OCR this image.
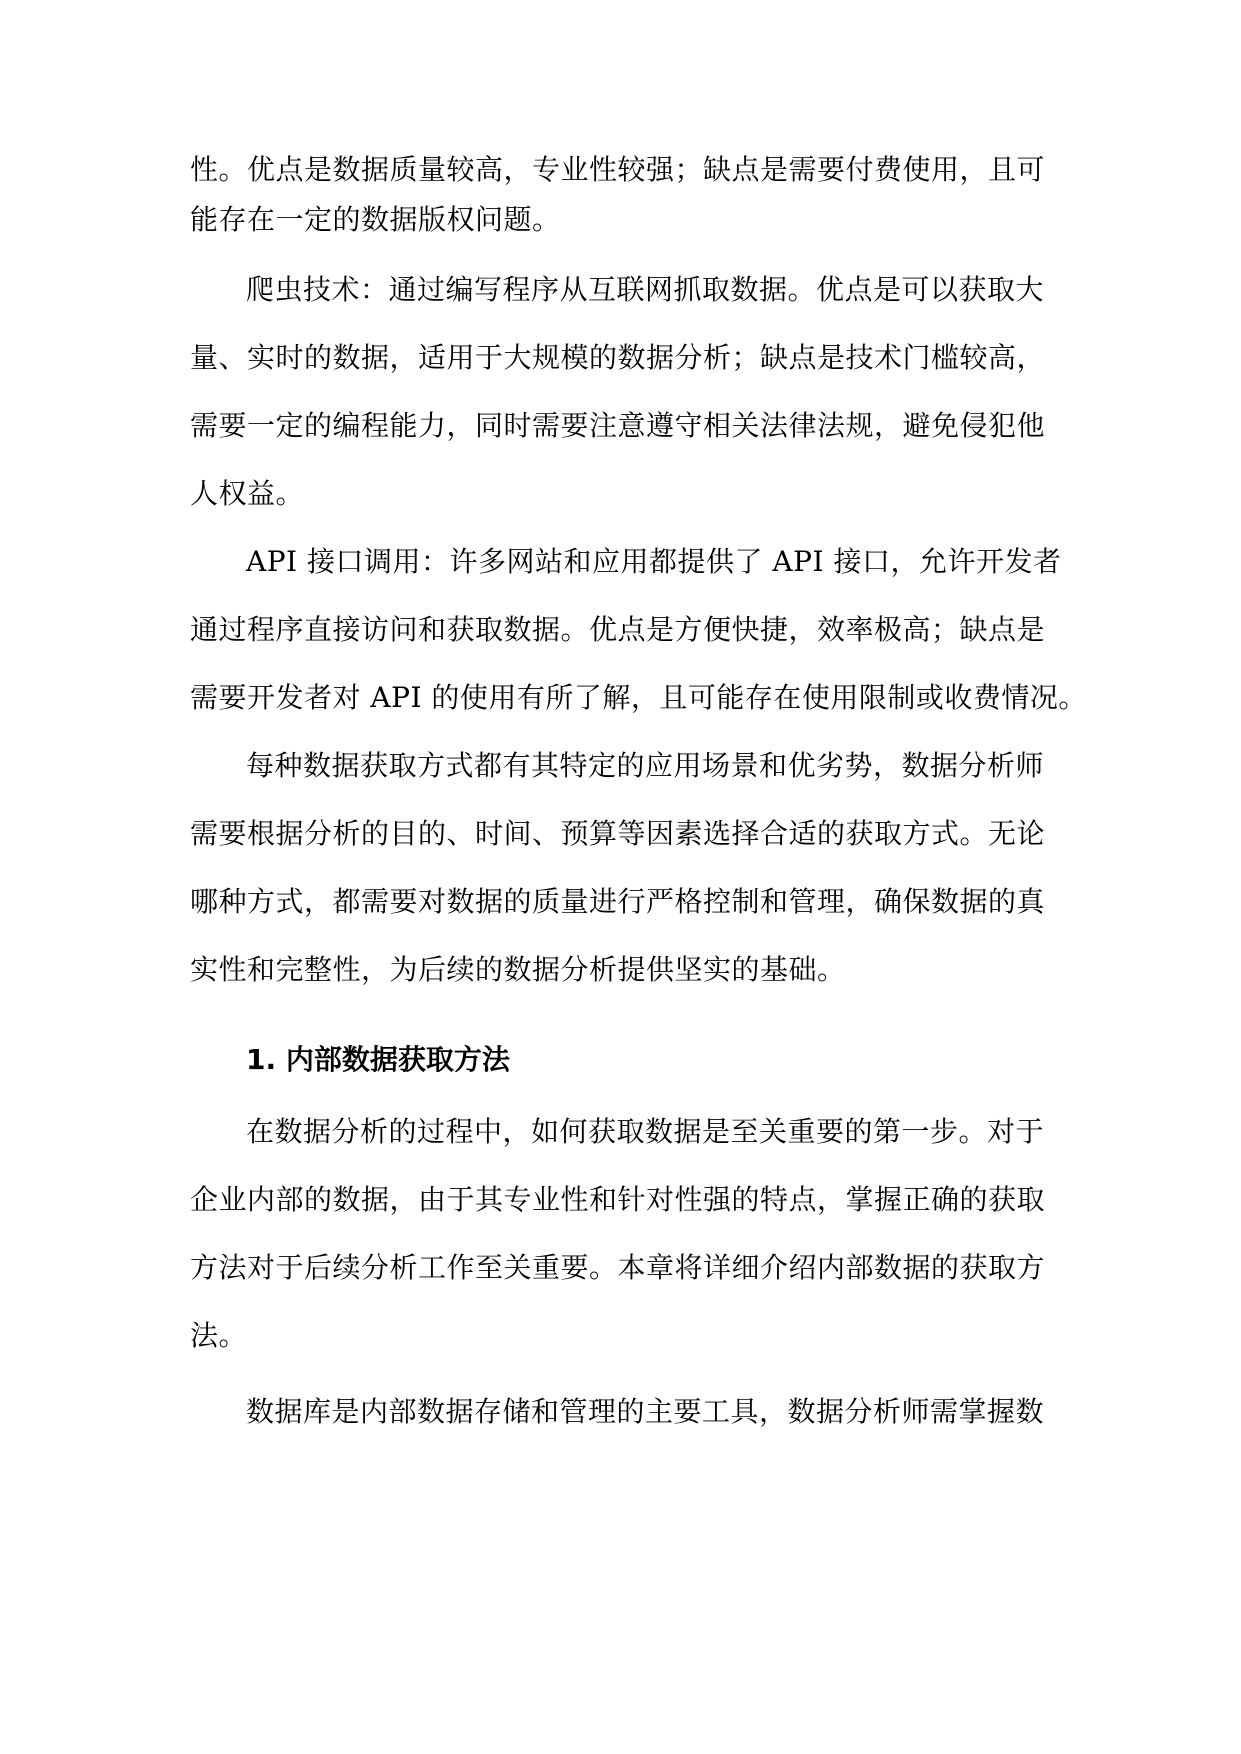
性。优点是数据质量较高，专业性较强；缺点是需要付费使用，且可
能存在一定的数据版权问题。
爬虫技术：通过编写程序从互联网抓取数据。优点是可以获取大
量、实时的数据，适用于大规模的数据分析；缺点是技术门槛较高，
需要一定的编程能力，同时需要注意遵守相关法律法规，避免侵犯他
人权益。
API 接口调用：许多网站和应用都提供了 API 接口，允许开发者
通过程序直接访问和获取数据。优点是方便快捷，效率极高；缺点是
需要开发者对 API 的使用有所了解，且可能存在使用限制或收费情况。
每种数据获取方式都有其特定的应用场景和优劣势，数据分析师
需要根据分析的目的、时间、预算等因素选择合适的获取方式。无论
哪种方式，都需要对数据的质量进行严格控制和管理，确保数据的真
实性和完整性，为后续的数据分析提供坚实的基础。
1. 内部数据获取方法
在数据分析的过程中，如何获取数据是至关重要的第一步。对于
企业内部的数据，由于其专业性和针对性强的特点，掌握正确的获取
方法对于后续分析工作至关重要。本章将详细介绍内部数据的获取方
法。
数据库是内部数据存储和管理的主要工具，数据分析师需掌握数
